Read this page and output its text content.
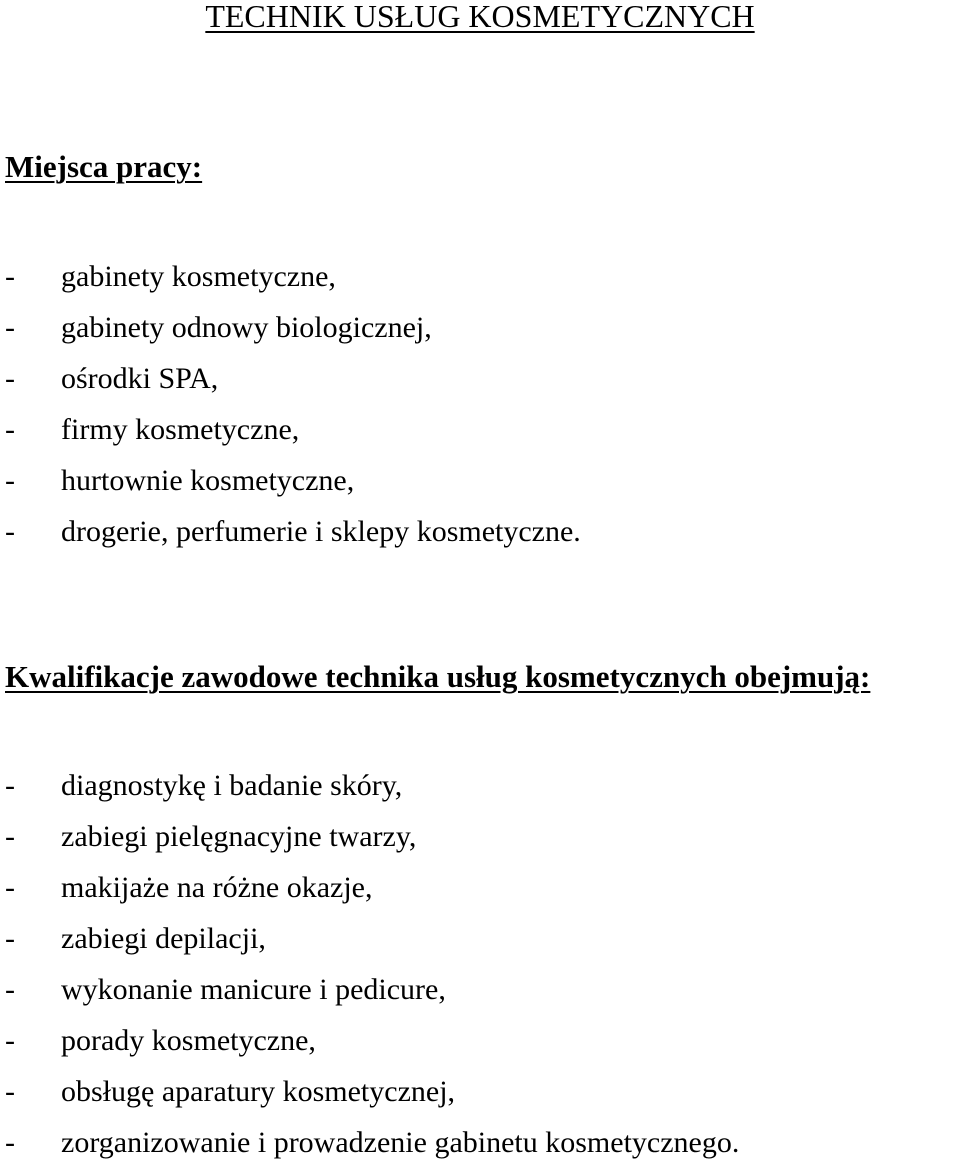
TECHNIK USŁUG KOSMETYCZNYCH
Miejsca pracy:
- gabinety kosmetyczne,
- gabinety odnowy biologicznej,
- ośrodki SPA,
- firmy kosmetyczne,
- hurtownie kosmetyczne,
- drogerie, perfumerie i sklepy kosmetyczne.
Kwalifikacje zawodowe technika usług kosmetycznych obejmują:
- diagnostykę i badanie skóry,
- zabiegi pielęgnacyjne twarzy,
- makijaże na różne okazje,
- zabiegi depilacji,
- wykonanie manicure i pedicure,
- porady kosmetyczne,
- obsługę aparatury kosmetycznej,
- zorganizowanie i prowadzenie gabinetu kosmetycznego.
